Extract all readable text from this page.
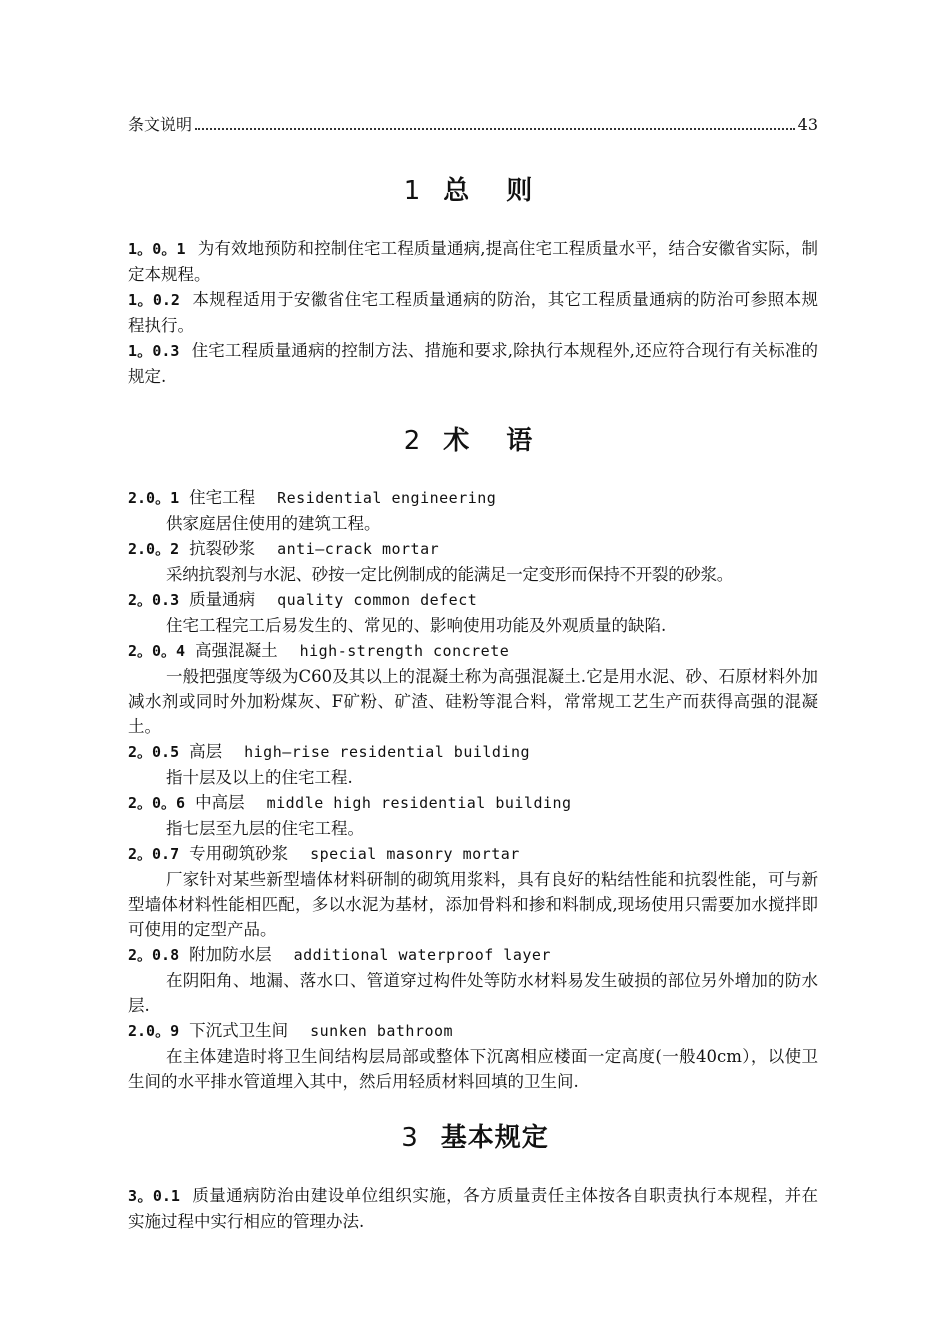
条文说明	43
1 总 则

1。0。1 为有效地预防和控制住宅工程质量通病,提高住宅工程质量水平，结合安徽省实际，制定本规程。

1。0.2 本规程适用于安徽省住宅工程质量通病的防治，其它工程质量通病的防治可参照本规程执行。

1。0.3 住宅工程质量通病的控制方法、措施和要求,除执行本规程外,还应符合现行有关标准的规定.

2 术 语

2.0。1 住宅工程 Residential engineering

供家庭居住使用的建筑工程。

2.0。2 抗裂砂浆 anti—crack mortar

采纳抗裂剂与水泥、砂按一定比例制成的能满足一定变形而保持不开裂的砂浆。

2。0.3 质量通病 quality common defect

住宅工程完工后易发生的、常见的、影响使用功能及外观质量的缺陷.

2。0。4 高强混凝土 high-strength concrete

一般把强度等级为C60及其以上的混凝土称为高强混凝土.它是用水泥、砂、石原材料外加减水剂或同时外加粉煤灰、F矿粉、矿渣、硅粉等混合料，常常规工艺生产而获得高强的混凝土。

2。0.5 高层 high—rise residential building

指十层及以上的住宅工程.

2。0。6 中高层 middle high residential building

指七层至九层的住宅工程。

2。0.7 专用砌筑砂浆 special masonry mortar

厂家针对某些新型墙体材料研制的砌筑用浆料，具有良好的粘结性能和抗裂性能，可与新型墙体材料性能相匹配，多以水泥为基材，添加骨料和掺和料制成,现场使用只需要加水搅拌即可使用的定型产品。

2。0.8 附加防水层 additional waterproof layer

在阴阳角、地漏、落水口、管道穿过构件处等防水材料易发生破损的部位另外增加的防水层.

2.0。9 下沉式卫生间 sunken bathroom

在主体建造时将卫生间结构层局部或整体下沉离相应楼面一定高度(一般40cm），以使卫生间的水平排水管道埋入其中，然后用轻质材料回填的卫生间.

3 基本规定

3。0.1 质量通病防治由建设单位组织实施，各方质量责任主体按各自职责执行本规程，并在实施过程中实行相应的管理办法.
